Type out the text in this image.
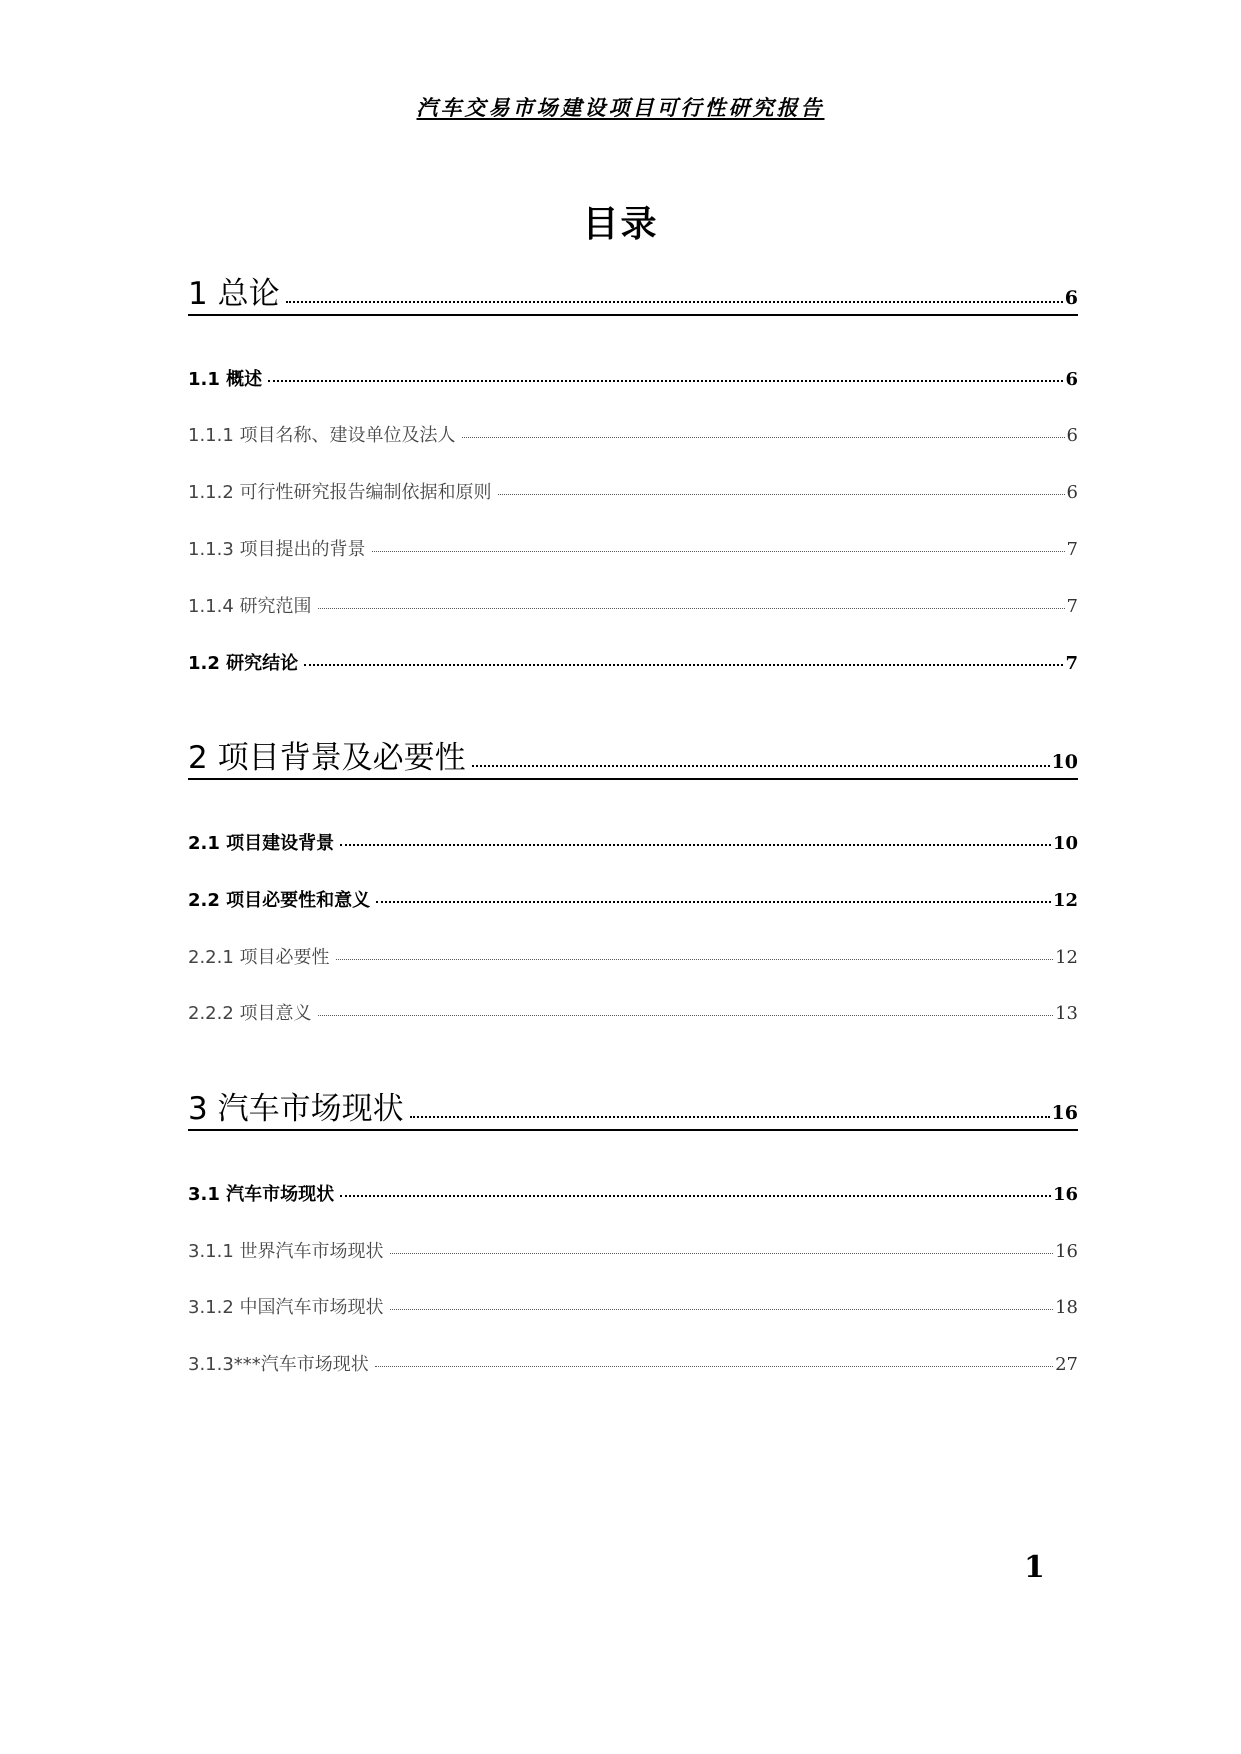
汽车交易市场建设项目可行性研究报告
目录
1 总论	6
1.1 概述	6
1.1.1 项目名称、建设单位及法人	6
1.1.2 可行性研究报告编制依据和原则	6
1.1.3 项目提出的背景	7
1.1.4 研究范围	7
1.2 研究结论	7
2 项目背景及必要性	10
2.1 项目建设背景	10
2.2 项目必要性和意义	12
2.2.1 项目必要性	12
2.2.2 项目意义	13
3 汽车市场现状	16
3.1 汽车市场现状	16
3.1.1 世界汽车市场现状	16
3.1.2 中国汽车市场现状	18
3.1.3***汽车市场现状	27
1
